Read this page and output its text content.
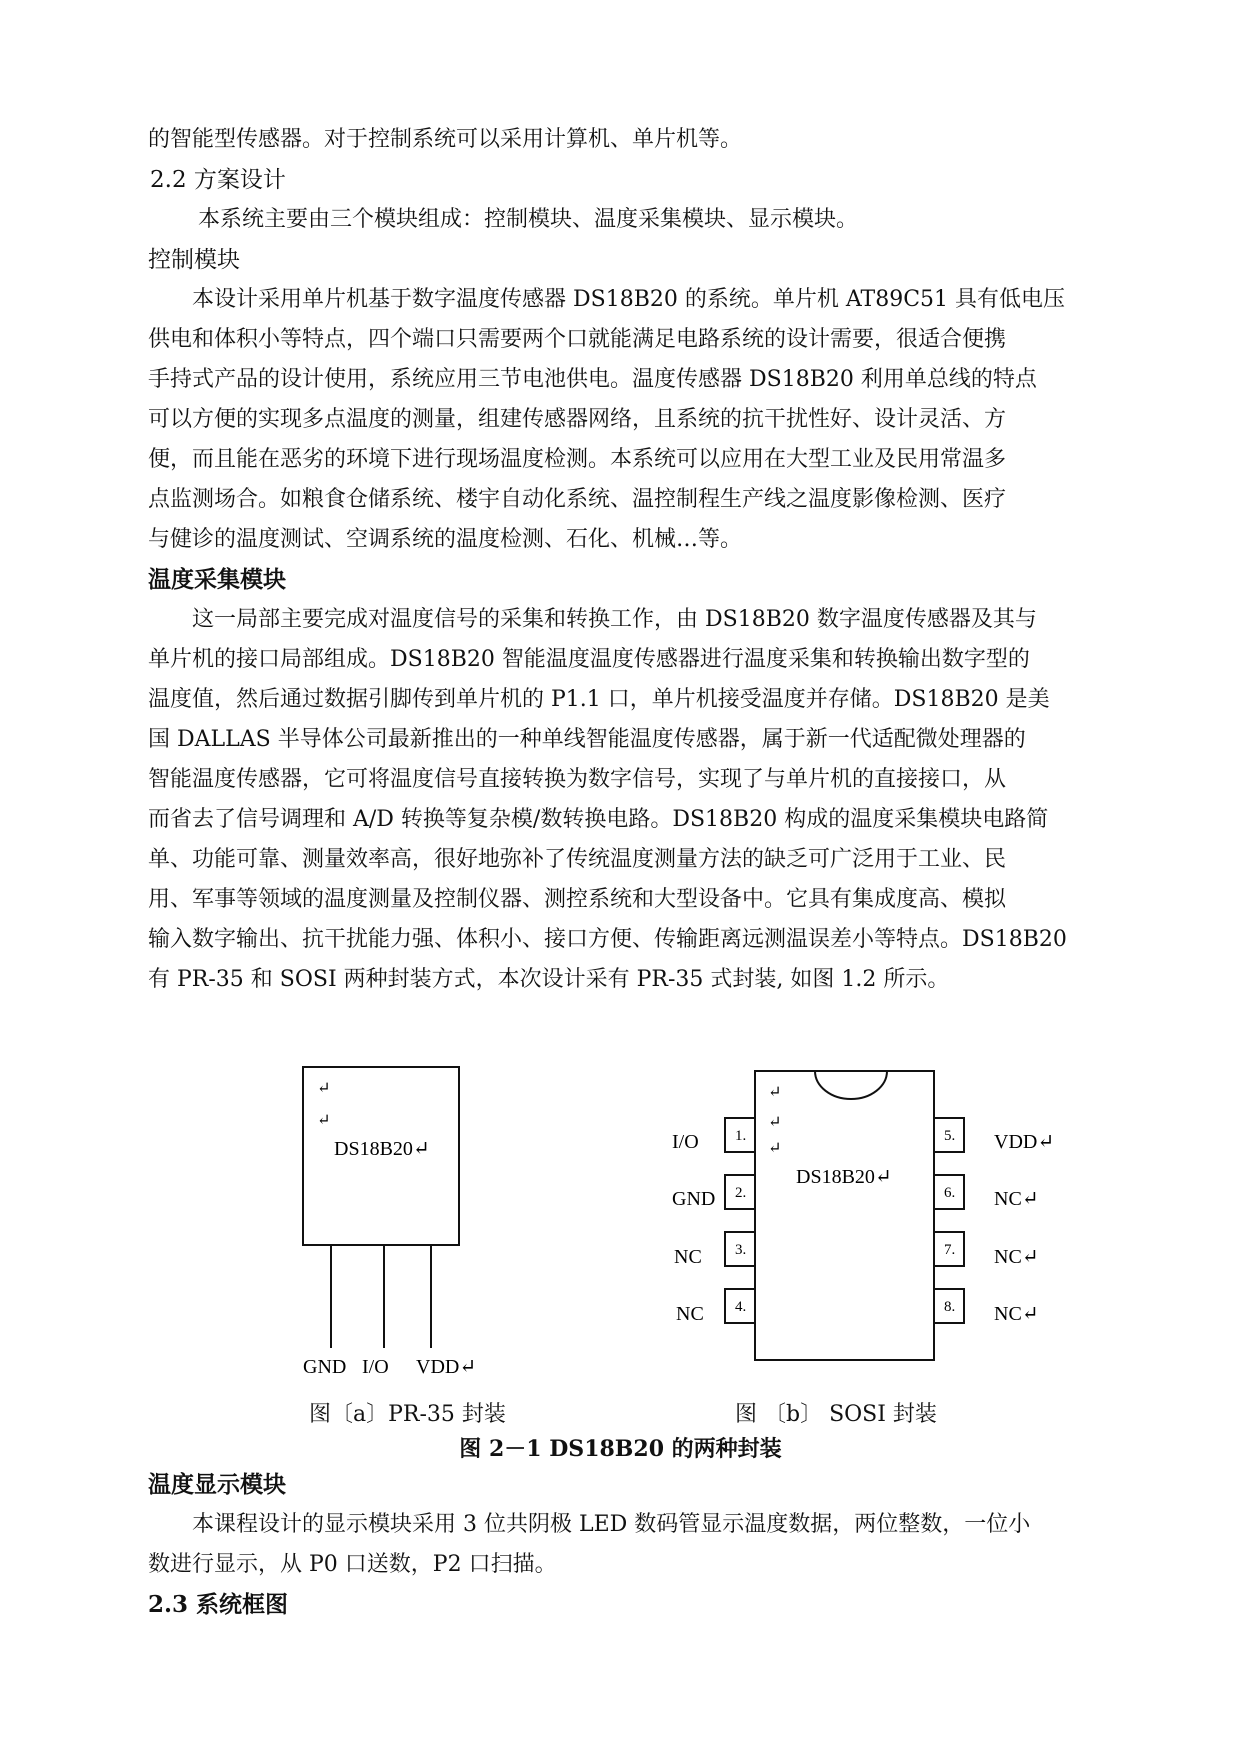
的智能型传感器。对于控制系统可以采用计算机、单片机等。
2.2 方案设计
本系统主要由三个模块组成：控制模块、温度采集模块、显示模块。
控制模块
本设计采用单片机基于数字温度传感器 DS18B20 的系统。单片机 AT89C51 具有低电压
供电和体积小等特点，四个端口只需要两个口就能满足电路系统的设计需要，很适合便携
手持式产品的设计使用，系统应用三节电池供电。温度传感器 DS18B20 利用单总线的特点
可以方便的实现多点温度的测量，组建传感器网络，且系统的抗干扰性好、设计灵活、方
便，而且能在恶劣的环境下进行现场温度检测。本系统可以应用在大型工业及民用常温多
点监测场合。如粮食仓储系统、楼宇自动化系统、温控制程生产线之温度影像检测、医疗
与健诊的温度测试、空调系统的温度检测、石化、机械…等。
温度采集模块
这一局部主要完成对温度信号的采集和转换工作，由 DS18B20 数字温度传感器及其与
单片机的接口局部组成。DS18B20 智能温度温度传感器进行温度采集和转换输出数字型的
温度值，然后通过数据引脚传到单片机的 P1.1 口，单片机接受温度并存储。DS18B20 是美
国 DALLAS 半导体公司最新推出的一种单线智能温度传感器，属于新一代适配微处理器的
智能温度传感器，它可将温度信号直接转换为数字信号，实现了与单片机的直接接口，从
而省去了信号调理和 A/D 转换等复杂模/数转换电路。DS18B20 构成的温度采集模块电路简
单、功能可靠、测量效率高，很好地弥补了传统温度测量方法的缺乏可广泛用于工业、民
用、军事等领域的温度测量及控制仪器、测控系统和大型设备中。它具有集成度高、模拟
输入数字输出、抗干扰能力强、体积小、接口方便、传输距离远测温误差小等特点。DS18B20
有 PR-35 和 SOSI 两种封装方式，本次设计采有 PR-35 式封装, 如图 1.2 所示。
↵
↵
DS18B20↵
GND I/O VDD↵
↵
↵
↵
DS18B20↵
1.
2.
3.
4.
I/O
GND
NC
NC
5.
6.
7.
8.
VDD↵
NC↵
NC↵
NC↵
图〔a〕PR-35 封装	图 〔b〕 SOSI 封装
图 2－1 DS18B20 的两种封装
温度显示模块
本课程设计的显示模块采用 3 位共阴极 LED 数码管显示温度数据，两位整数，一位小
数进行显示，从 P0 口送数，P2 口扫描。
2.3 系统框图
